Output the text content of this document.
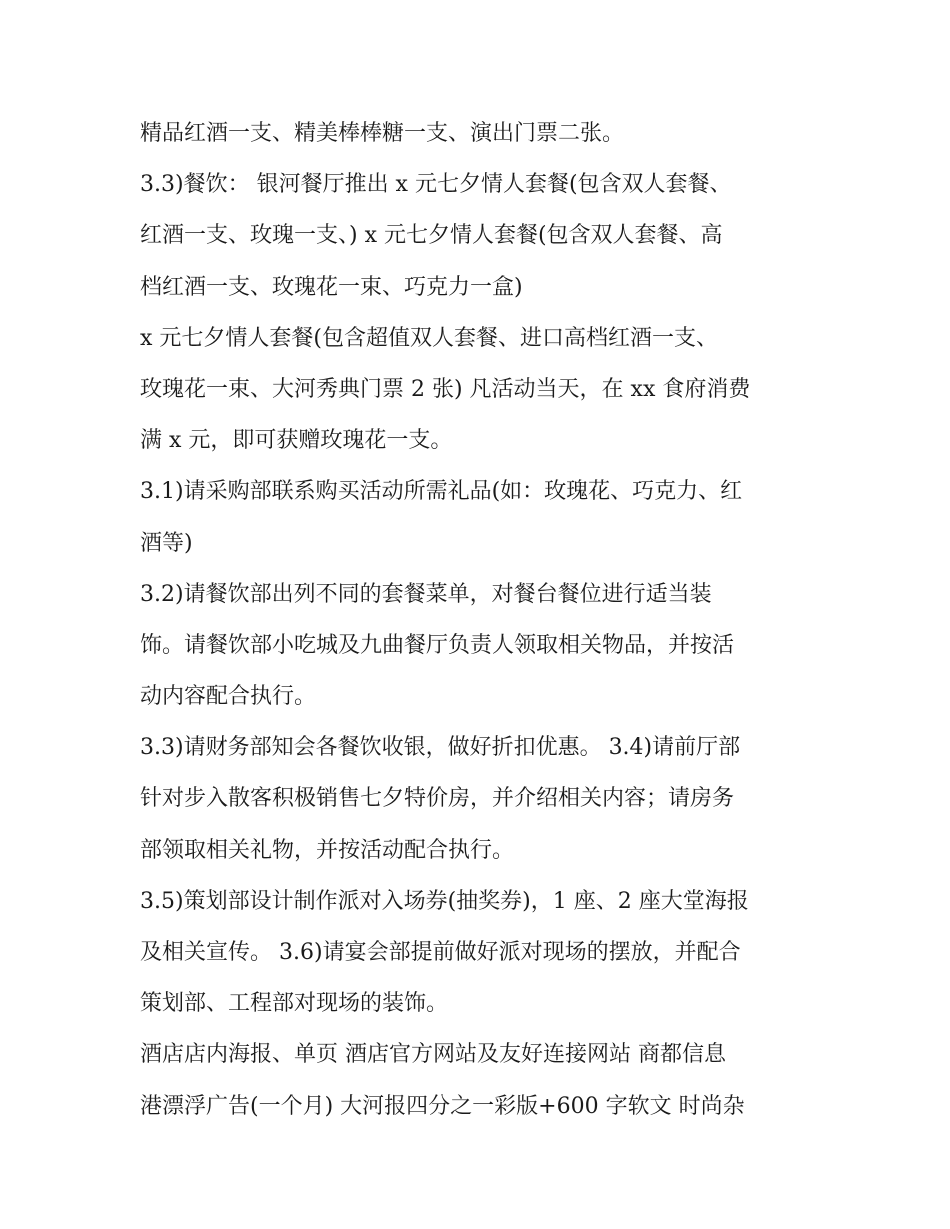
精品红酒一支、精美棒棒糖一支、演出门票二张。

3.3)餐饮： 银河餐厅推出 x 元七夕情人套餐(包含双人套餐、

红酒一支、玫瑰一支、) x 元七夕情人套餐(包含双人套餐、高

档红酒一支、玫瑰花一束、巧克力一盒)

x 元七夕情人套餐(包含超值双人套餐、进口高档红酒一支、

玫瑰花一束、大河秀典门票 2 张) 凡活动当天，在 xx 食府消费

满 x 元，即可获赠玫瑰花一支。

3.1)请采购部联系购买活动所需礼品(如：玫瑰花、巧克力、红

酒等)

3.2)请餐饮部出列不同的套餐菜单，对餐台餐位进行适当装

饰。请餐饮部小吃城及九曲餐厅负责人领取相关物品，并按活

动内容配合执行。

3.3)请财务部知会各餐饮收银，做好折扣优惠。 3.4)请前厅部

针对步入散客积极销售七夕特价房，并介绍相关内容；请房务

部领取相关礼物，并按活动配合执行。

3.5)策划部设计制作派对入场券(抽奖券)，1 座、2 座大堂海报

及相关宣传。 3.6)请宴会部提前做好派对现场的摆放，并配合

策划部、工程部对现场的装饰。

酒店店内海报、单页 酒店官方网站及友好连接网站 商都信息

港漂浮广告(一个月) 大河报四分之一彩版+600 字软文 时尚杂
